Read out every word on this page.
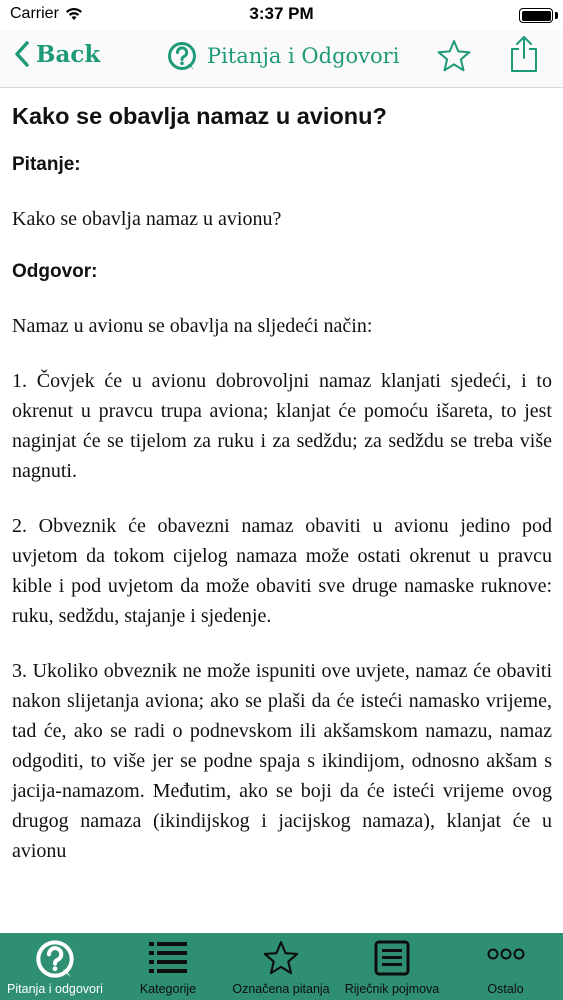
Carrier	3:37 PM
Back	Pitanja i Odgovori
Kako se obavlja namaz u avionu?
Pitanje:
Kako se obavlja namaz u avionu?
Odgovor:
Namaz u avionu se obavlja na sljedeći način:
1. Čovjek će u avionu dobrovoljni namaz klanjati sjedeći, i to okrenut u pravcu trupa aviona; klanjat će pomoću išareta, to jest naginjat će se tijelom za ruku i za sedždu; za sedždu se treba više nagnuti.
2. Obveznik će obavezni namaz obaviti u avionu jedino pod uvjetom da tokom cijelog namaza može ostati okrenut u pravcu kible i pod uvjetom da može obaviti sve druge namaske ruknove: ruku, sedždu, stajanje i sjedenje.
3. Ukoliko obveznik ne može ispuniti ove uvjete, namaz će obaviti nakon slijetanja aviona; ako se plaši da će isteći namasko vrijeme, tad će, ako se radi o podnevskom ili akšamskom namazu, namaz odgoditi, to više jer se podne spaja s ikindijom, odnosno akšam s jacija-namazom. Međutim, ako se boji da će isteći vrijeme ovog drugog namaza (ikindijskog i jacijskog namaza), klanjat će u avionu
Pitanja i odgovori	Kategorije	Označena pitanja Riječnik pojmova	Ostalo
